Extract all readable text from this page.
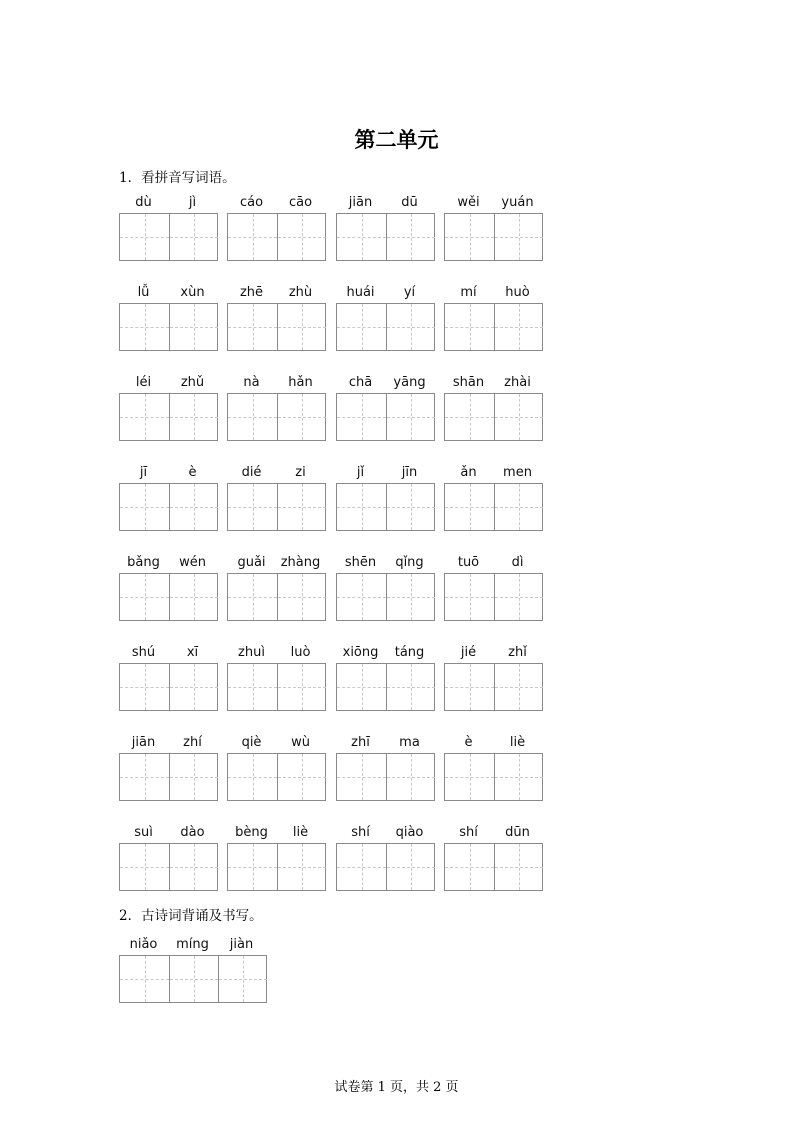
第二单元
1．看拼音写词语。
2．古诗词背诵及书写。
dù	jì	cáo	cāo	jiān	dū	wěi	yuán
lǚ	xùn	zhē	zhù	huái	yí	mí	huò
léi	zhǔ	nà	hǎn	chā	yāng	shān	zhài
jī	è	dié	zi	jǐ	jīn	ǎn	men
bǎng	wén	guǎi	zhàng	shēn	qǐng	tuō	dì
shú	xī	zhuì	luò	xiōng	táng	jié	zhǐ
jiān	zhí	qiè	wù	zhī	ma	è	liè
suì	dào	bèng	liè	shí	qiào	shí	dūn
niǎo	míng	jiàn
试卷第 1 页，共 2 页
